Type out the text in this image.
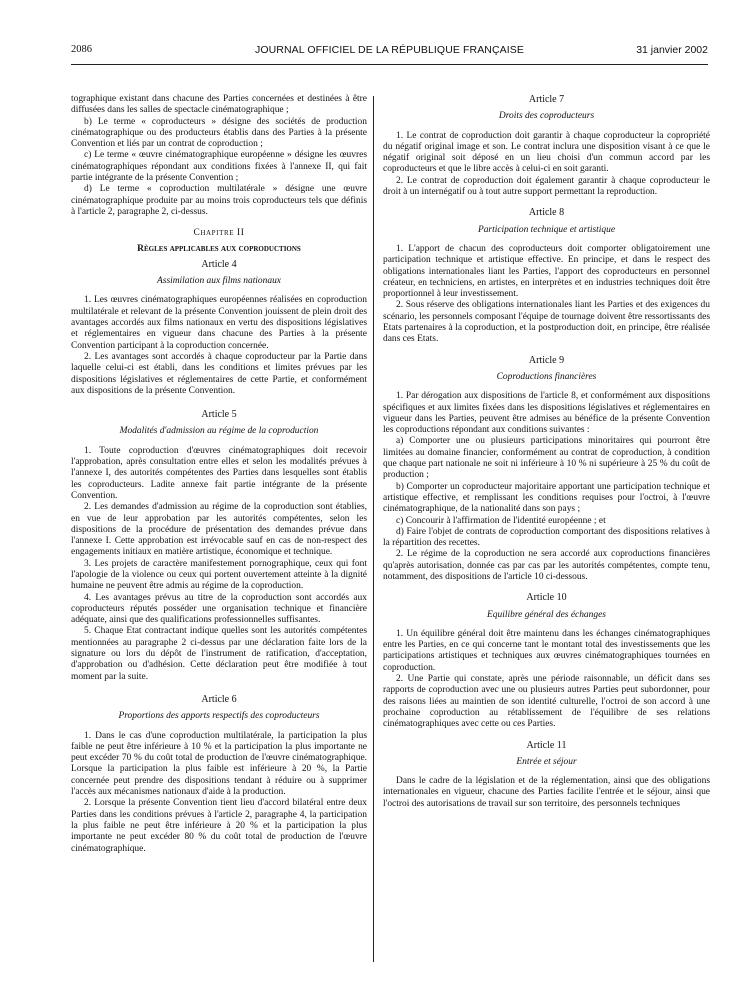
2086	JOURNAL OFFICIEL DE LA RÉPUBLIQUE FRANÇAISE	31 janvier 2002

tographique existant dans chacune des Parties concernées et destinées à être diffusées dans les salles de spectacle cinématographique ;

b) Le terme « coproducteurs » désigne des sociétés de production cinématographique ou des producteurs établis dans des Parties à la présente Convention et liés par un contrat de coproduction ;

c) Le terme « œuvre cinématographique européenne » désigne les œuvres cinématographiques répondant aux conditions fixées à l'annexe II, qui fait partie intégrante de la présente Convention ;

d) Le terme « coproduction multilatérale » désigne une œuvre cinématographique produite par au moins trois coproducteurs tels que définis à l'article 2, paragraphe 2, ci-dessus.

Chapitre II
Règles applicables aux coproductions
Article 4
Assimilation aux films nationaux

1. Les œuvres cinématographiques européennes réalisées en coproduction multilatérale et relevant de la présente Convention jouissent de plein droit des avantages accordés aux films nationaux en vertu des dispositions législatives et réglementaires en vigueur dans chacune des Parties à la présente Convention participant à la coproduction concernée.

2. Les avantages sont accordés à chaque coproducteur par la Partie dans laquelle celui-ci est établi, dans les conditions et limites prévues par les dispositions législatives et réglementaires de cette Partie, et conformément aux dispositions de la présente Convention.

Article 5
Modalités d'admission au régime de la coproduction

1. Toute coproduction d'œuvres cinématographiques doit recevoir l'approbation, après consultation entre elles et selon les modalités prévues à l'annexe I, des autorités compétentes des Parties dans lesquelles sont établis les coproducteurs. Ladite annexe fait partie intégrante de la présente Convention.

2. Les demandes d'admission au régime de la coproduction sont établies, en vue de leur approbation par les autorités compétentes, selon les dispositions de la procédure de présentation des demandes prévue dans l'annexe I. Cette approbation est irrévocable sauf en cas de non-respect des engagements initiaux en matière artistique, économique et technique.

3. Les projets de caractère manifestement pornographique, ceux qui font l'apologie de la violence ou ceux qui portent ouvertement atteinte à la dignité humaine ne peuvent être admis au régime de la coproduction.

4. Les avantages prévus au titre de la coproduction sont accordés aux coproducteurs réputés posséder une organisation technique et financière adéquate, ainsi que des qualifications professionnelles suffisantes.

5. Chaque Etat contractant indique quelles sont les autorités compétentes mentionnées au paragraphe 2 ci-dessus par une déclaration faite lors de la signature ou lors du dépôt de l'instrument de ratification, d'acceptation, d'approbation ou d'adhésion. Cette déclaration peut être modifiée à tout moment par la suite.

Article 6
Proportions des apports respectifs des coproducteurs

1. Dans le cas d'une coproduction multilatérale, la participation la plus faible ne peut être inférieure à 10 % et la participation la plus importante ne peut excéder 70 % du coût total de production de l'œuvre cinématographique. Lorsque la participation la plus faible est inférieure à 20 %, la Partie concernée peut prendre des dispositions tendant à réduire ou à supprimer l'accès aux mécanismes nationaux d'aide à la production.

2. Lorsque la présente Convention tient lieu d'accord bilatéral entre deux Parties dans les conditions prévues à l'article 2, paragraphe 4, la participation la plus faible ne peut être inférieure à 20 % et la participation la plus importante ne peut excéder 80 % du coût total de production de l'œuvre cinématographique.

Article 7
Droits des coproducteurs

1. Le contrat de coproduction doit garantir à chaque coproducteur la copropriété du négatif original image et son. Le contrat inclura une disposition visant à ce que le négatif original soit déposé en un lieu choisi d'un commun accord par les coproducteurs et que le libre accès à celui-ci en soit garanti.

2. Le contrat de coproduction doit également garantir à chaque coproducteur le droit à un internégatif ou à tout autre support permettant la reproduction.

Article 8
Participation technique et artistique

1. L'apport de chacun des coproducteurs doit comporter obligatoirement une participation technique et artistique effective. En principe, et dans le respect des obligations internationales liant les Parties, l'apport des coproducteurs en personnel créateur, en techniciens, en artistes, en interprètes et en industries techniques doit être proportionnel à leur investissement.

2. Sous réserve des obligations internationales liant les Parties et des exigences du scénario, les personnels composant l'équipe de tournage doivent être ressortissants des Etats partenaires à la coproduction, et la postproduction doit, en principe, être réalisée dans ces Etats.

Article 9
Coproductions financières

1. Par dérogation aux dispositions de l'article 8, et conformément aux dispositions spécifiques et aux limites fixées dans les dispositions législatives et réglementaires en vigueur dans les Parties, peuvent être admises au bénéfice de la présente Convention les coproductions répondant aux conditions suivantes :

a) Comporter une ou plusieurs participations minoritaires qui pourront être limitées au domaine financier, conformément au contrat de coproduction, à condition que chaque part nationale ne soit ni inférieure à 10 % ni supérieure à 25 % du coût de production ;

b) Comporter un coproducteur majoritaire apportant une participation technique et artistique effective, et remplissant les conditions requises pour l'octroi, à l'œuvre cinématographique, de la nationalité dans son pays ;

c) Concourir à l'affirmation de l'identité européenne ; et

d) Faire l'objet de contrats de coproduction comportant des dispositions relatives à la répartition des recettes.

2. Le régime de la coproduction ne sera accordé aux coproductions financières qu'après autorisation, donnée cas par cas par les autorités compétentes, compte tenu, notamment, des dispositions de l'article 10 ci-dessous.

Article 10
Equilibre général des échanges

1. Un équilibre général doit être maintenu dans les échanges cinématographiques entre les Parties, en ce qui concerne tant le montant total des investissements que les participations artistiques et techniques aux œuvres cinématographiques tournées en coproduction.

2. Une Partie qui constate, après une période raisonnable, un déficit dans ses rapports de coproduction avec une ou plusieurs autres Parties peut subordonner, pour des raisons liées au maintien de son identité culturelle, l'octroi de son accord à une prochaine coproduction au rétablissement de l'équilibre de ses relations cinématographiques avec cette ou ces Parties.

Article 11
Entrée et séjour

Dans le cadre de la législation et de la réglementation, ainsi que des obligations internationales en vigueur, chacune des Parties facilite l'entrée et le séjour, ainsi que l'octroi des autorisations de travail sur son territoire, des personnels techniques
